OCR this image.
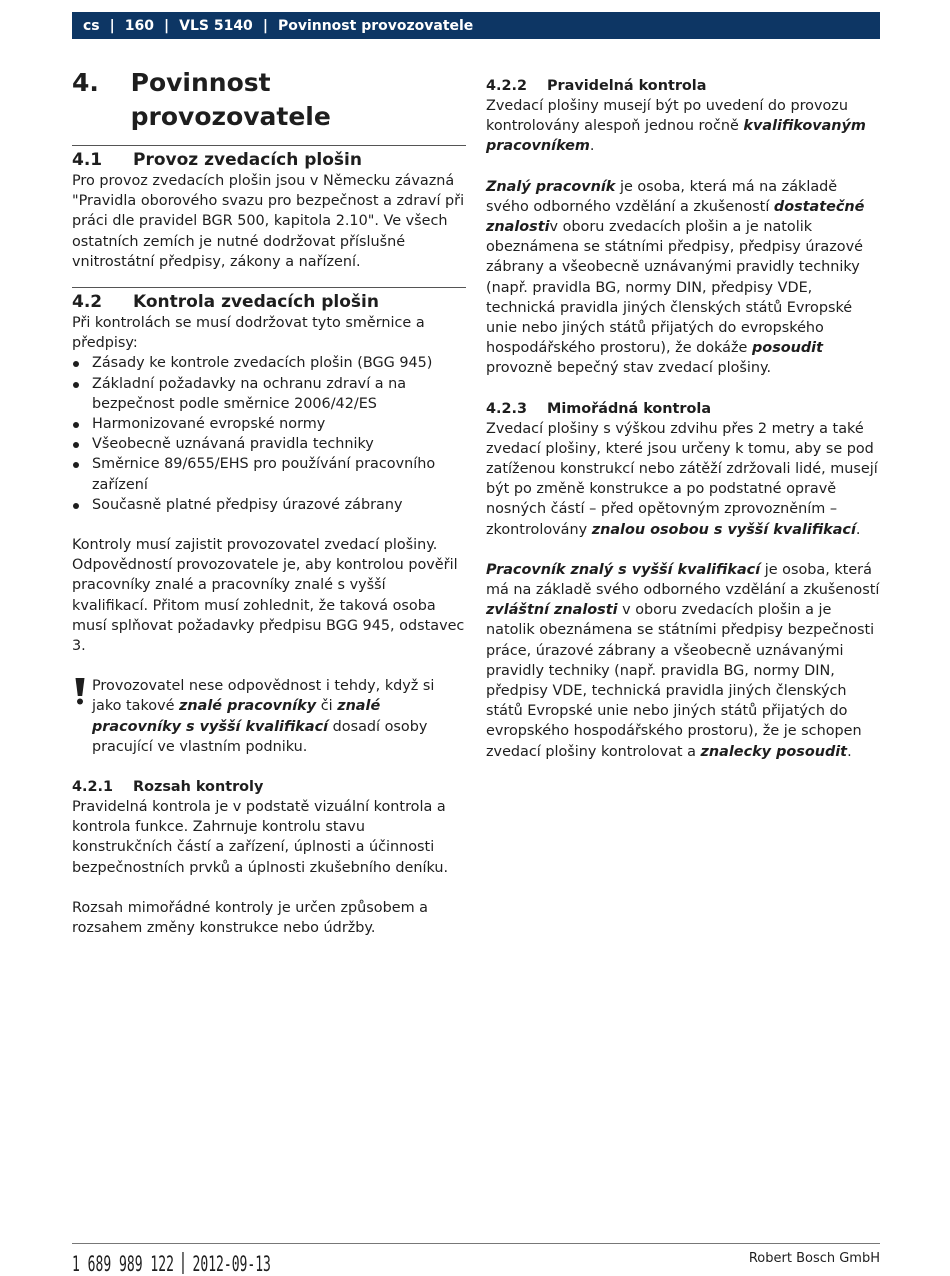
cs | 160 | VLS 5140 | Povinnost provozovatele
4.	Povinnost provozovatele
4.1	Provoz zvedacích plošin

Pro provoz zvedacích plošin jsou v Německu závazná "Pravidla oborového svazu pro bezpečnost a zdraví při práci dle pravidel BGR 500, kapitola 2.10". Ve všech ostatních zemích je nutné dodržovat příslušné vnitrostátní předpisy, zákony a nařízení.

4.2	Kontrola zvedacích plošin

Při kontrolách se musí dodržovat tyto směrnice a předpisy:

Zásady ke kontrole zvedacích plošin (BGG 945)
Základní požadavky na ochranu zdraví a na bezpečnost podle směrnice 2006/42/ES
Harmonizované evropské normy
Všeobecně uznávaná pravidla techniky
Směrnice 89/655/EHS pro používání pracovního zařízení
Současně platné předpisy úrazové zábrany

Kontroly musí zajistit provozovatel zvedací plošiny. Odpovědností provozovatele je, aby kontrolou pověřil pracovníky znalé a pracovníky znalé s vyšší kvalifikací. Přitom musí zohlednit, že taková osoba musí splňovat požadavky předpisu BGG 945, odstavec 3.

Provozovatel nese odpovědnost i tehdy, když si jako takové znalé pracovníky či znalé pracovníky s vyšší kvalifikací dosadí osoby pracující ve vlastním podniku.

4.2.1	Rozsah kontroly

Pravidelná kontrola je v podstatě vizuální kontrola a kontrola funkce. Zahrnuje kontrolu stavu konstrukčních částí a zařízení, úplnosti a účinnosti bezpečnostních prvků a úplnosti zkušebního deníku.

Rozsah mimořádné kontroly je určen způsobem a rozsahem změny konstrukce nebo údržby.

4.2.2	Pravidelná kontrola

Zvedací plošiny musejí být po uvedení do provozu kontrolovány alespoň jednou ročně kvalifikovaným pracovníkem.

Znalý pracovník je osoba, která má na základě svého odborného vzdělání a zkušeností dostatečné znalostiv oboru zvedacích plošin a je natolik obeznámena se státními předpisy, předpisy úrazové zábrany a všeobecně uznávanými pravidly techniky (např. pravidla BG, normy DIN, předpisy VDE, technická pravidla jiných členských států Evropské unie nebo jiných států přijatých do evropského hospodářského prostoru), že dokáže posoudit provozně bepečný stav zvedací plošiny.

4.2.3	Mimořádná kontrola

Zvedací plošiny s výškou zdvihu přes 2 metry a také zvedací plošiny, které jsou určeny k tomu, aby se pod zatíženou konstrukcí nebo zátěží zdržovali lidé, musejí být po změně konstrukce a po podstatné opravě nosných částí – před opětovným zprovozněním – zkontrolovány znalou osobou s vyšší kvalifikací.

Pracovník znalý s vyšší kvalifikací je osoba, která má na základě svého odborného vzdělání a zkušeností zvláštní znalosti v oboru zvedacích plošin a je natolik obeznámena se státními předpisy bezpečnosti práce, úrazové zábrany a všeobecně uznávanými pravidly techniky (např. pravidla BG, normy DIN, předpisy VDE, technická pravidla jiných členských států Evropské unie nebo jiných států přijatých do evropského hospodářského prostoru), že je schopen zvedací plošiny kontrolovat a znalecky posoudit.

1 689 989 122 2012-09-13	Robert Bosch GmbH
